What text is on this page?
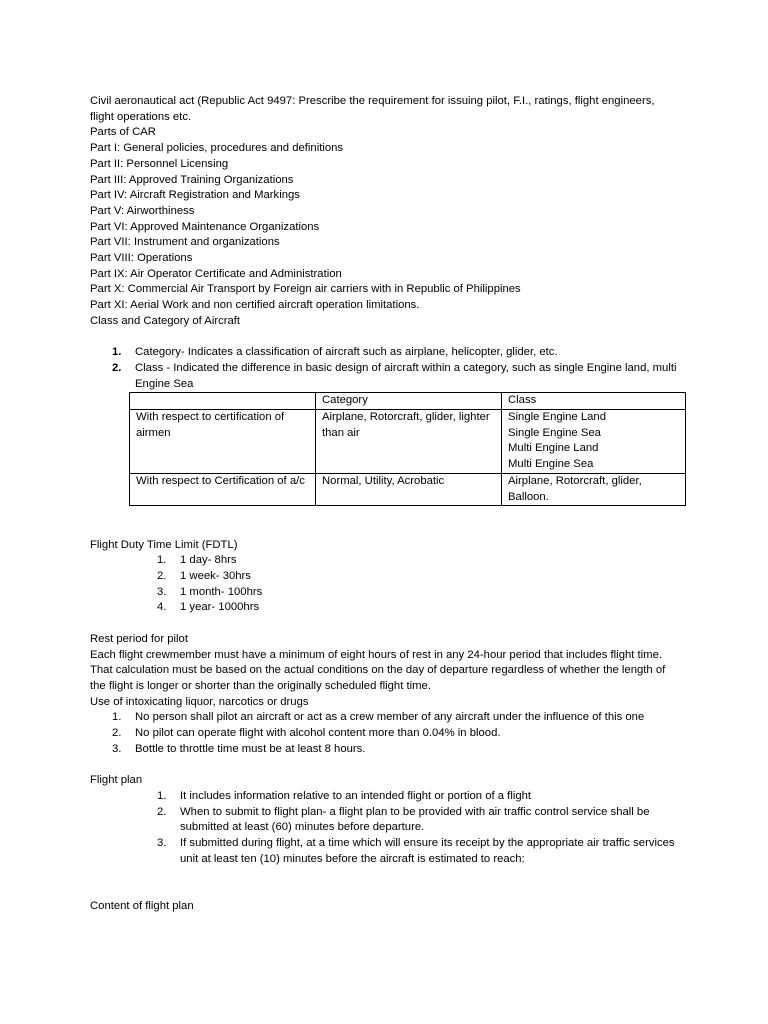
Civil aeronautical act (Republic Act 9497: Prescribe the requirement for issuing pilot, F.I., ratings, flight engineers, flight operations etc.

Parts of CAR

Part I: General policies, procedures and definitions

Part II: Personnel Licensing

Part III: Approved Training Organizations

Part IV: Aircraft Registration and Markings

Part V: Airworthiness

Part VI: Approved Maintenance Organizations

Part VII: Instrument and organizations

Part VIII: Operations

Part IX: Air Operator Certificate and Administration

Part X: Commercial Air Transport by Foreign air carriers with in Republic of Philippines

Part XI: Aerial Work and non certified aircraft operation limitations.

Class and Category of Aircraft

1. Category- Indicates a classification of aircraft such as airplane, helicopter, glider, etc.
2. Class - Indicated the difference in basic design of aircraft within a category, such as single Engine land, multi Engine Sea
	Category	Class
With respect to certification of airmen	Airplane, Rotorcraft, glider, lighter than air	Single Engine Land
Single Engine Sea
Multi Engine Land
Multi Engine Sea

With respect to Certification of a/c	Normal, Utility, Acrobatic	Airplane, Rotorcraft, glider, Balloon.

Flight Duty Time Limit (FDTL)

1. 1 day- 8hrs
2. 1 week- 30hrs
3. 1 month- 100hrs
4. 1 year- 1000hrs

Rest period for pilot

Each flight crewmember must have a minimum of eight hours of rest in any 24-hour period that includes flight time. That calculation must be based on the actual conditions on the day of departure regardless of whether the length of the flight is longer or shorter than the originally scheduled flight time.

Use of intoxicating liquor, narcotics or drugs

1. No person shall pilot an aircraft or act as a crew member of any aircraft under the influence of this one
2. No pilot can operate flight with alcohol content more than 0.04% in blood.
3. Bottle to throttle time must be at least 8 hours.

Flight plan

1. It includes information relative to an intended flight or portion of a flight
2. When to submit to flight plan- a flight plan to be provided with air traffic control service shall be submitted at least (60) minutes before departure.
3. If submitted during flight, at a time which will ensure its receipt by the appropriate air traffic services unit at least ten (10) minutes before the aircraft is estimated to reach:

Content of flight plan
